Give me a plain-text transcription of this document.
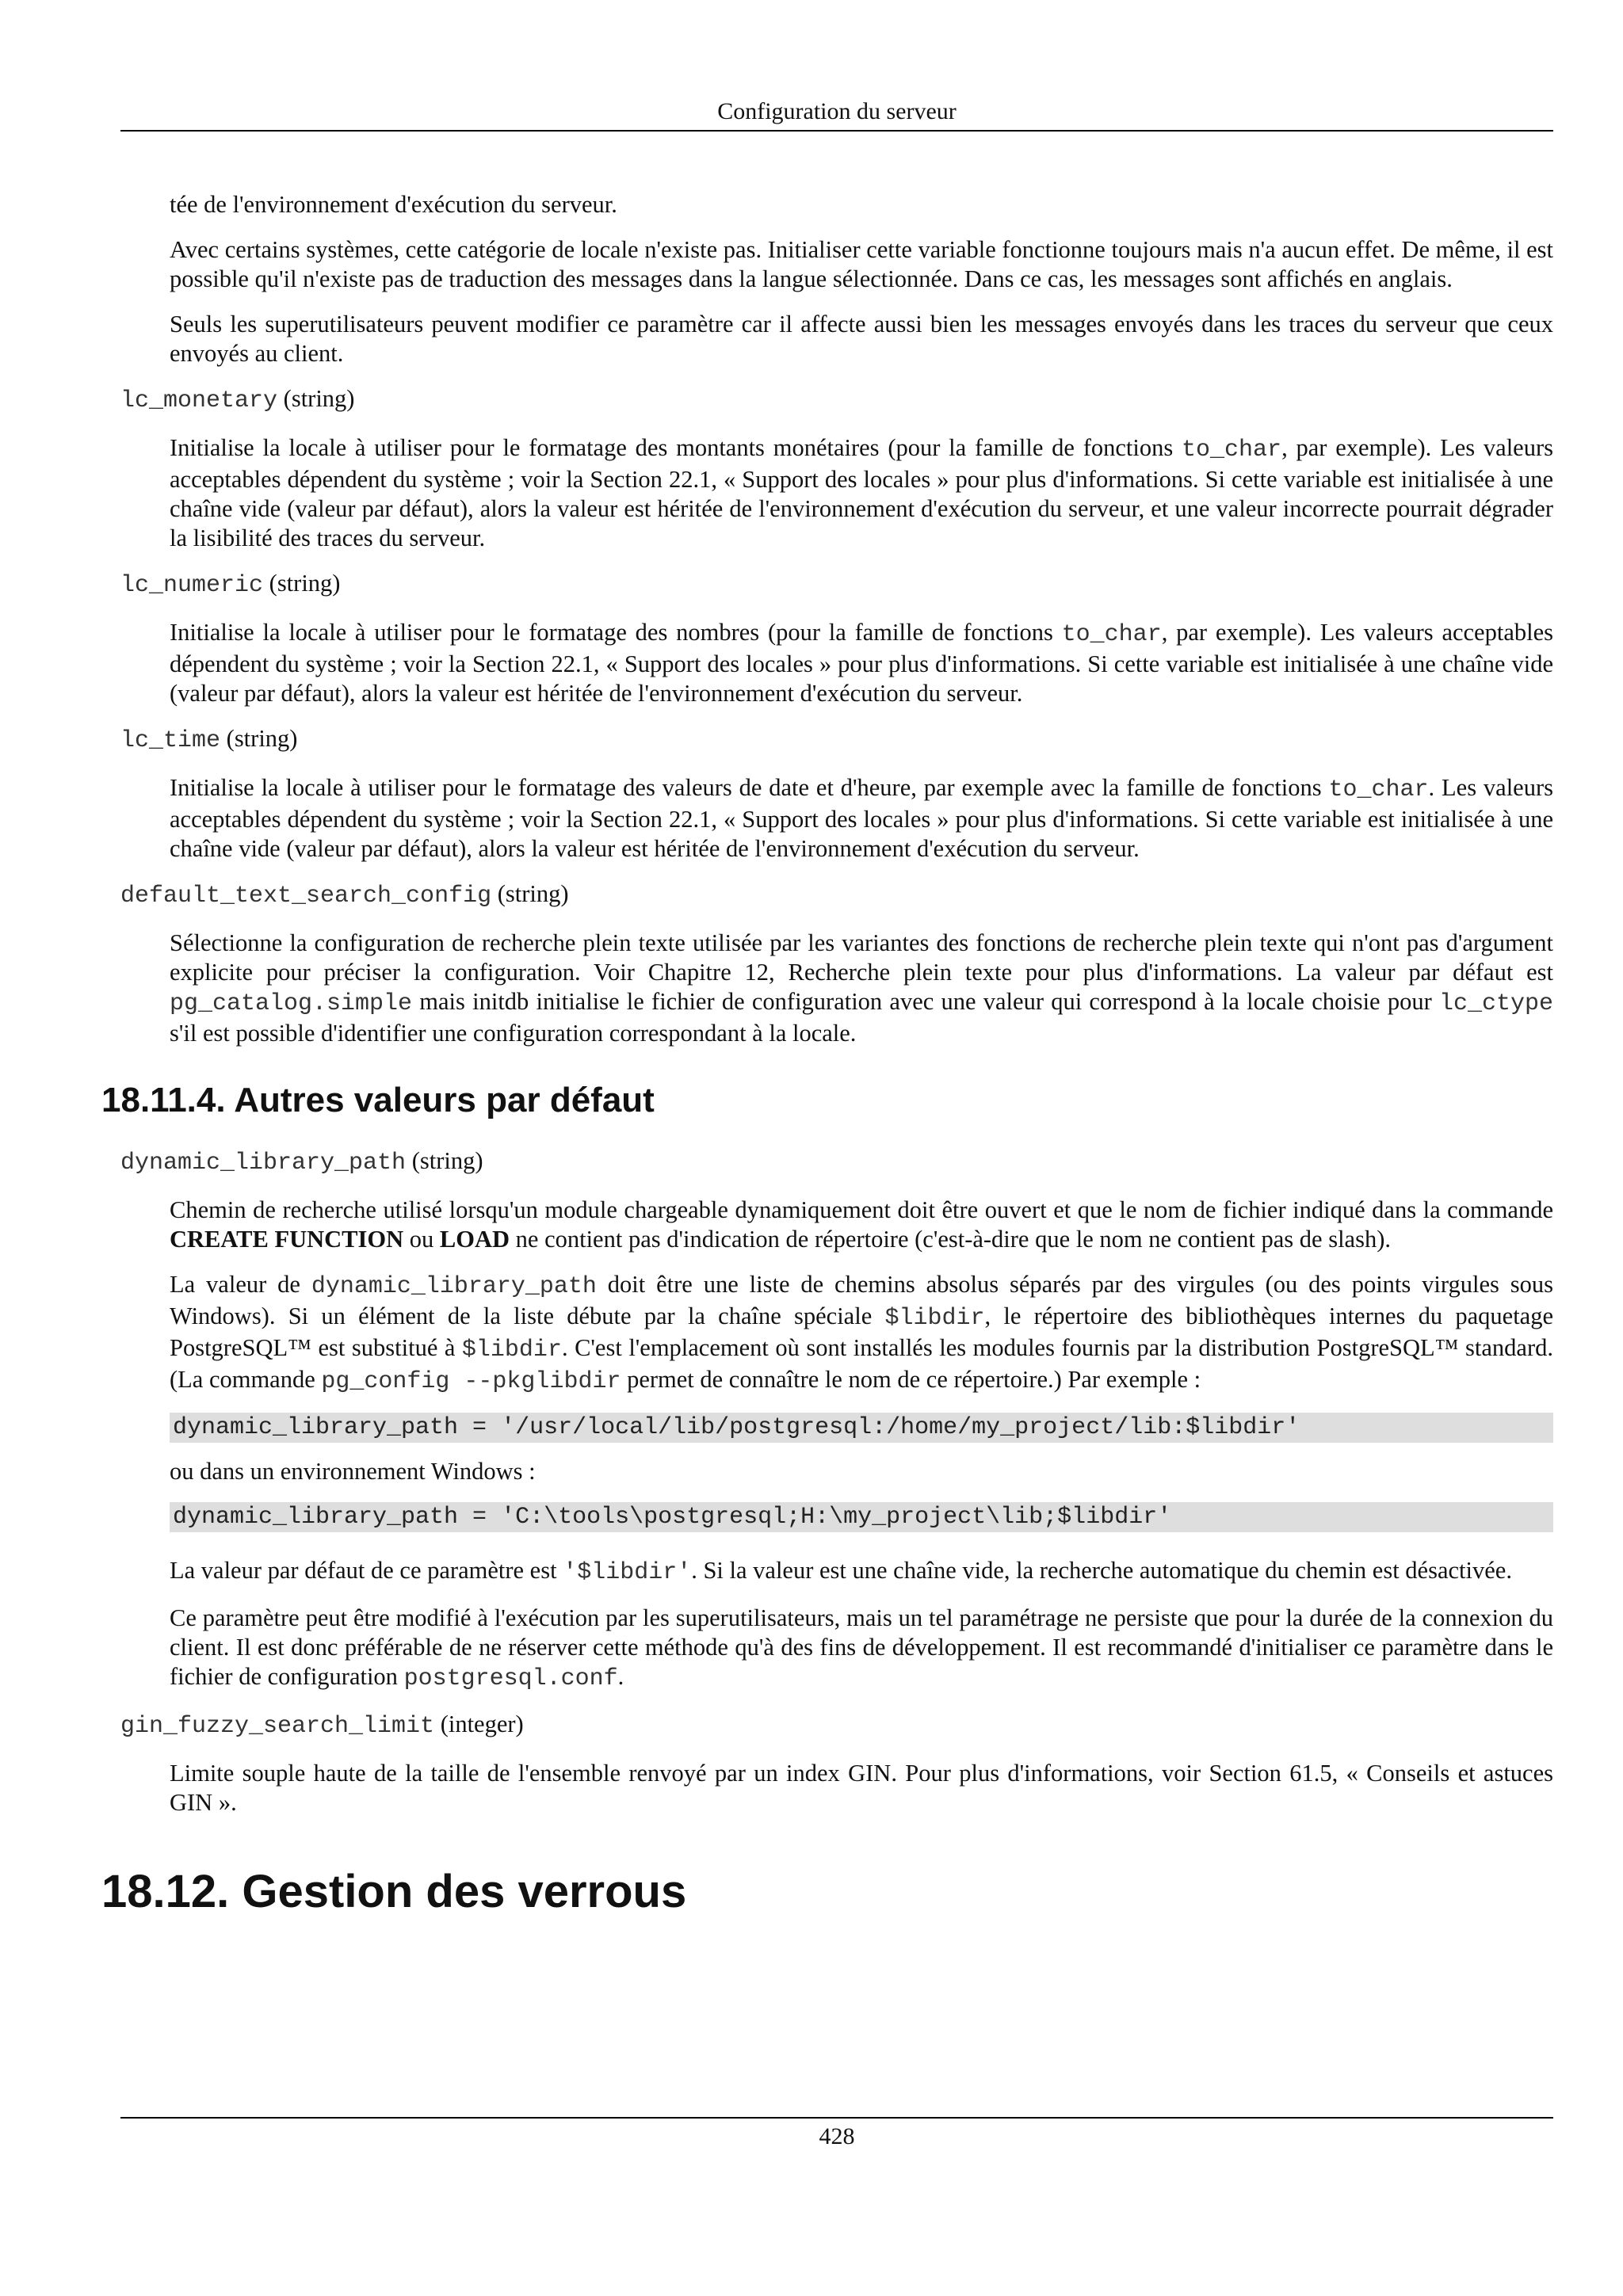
Configuration du serveur

tée de l'environnement d'exécution du serveur.

Avec certains systèmes, cette catégorie de locale n'existe pas. Initialiser cette variable fonctionne toujours mais n'a aucun effet. De même, il est possible qu'il n'existe pas de traduction des messages dans la langue sélectionnée. Dans ce cas, les messages sont affichés en anglais.

Seuls les superutilisateurs peuvent modifier ce paramètre car il affecte aussi bien les messages envoyés dans les traces du serveur que ceux envoyés au client.

lc_monetary (string)

Initialise la locale à utiliser pour le formatage des montants monétaires (pour la famille de fonctions to_char, par exemple). Les valeurs acceptables dépendent du système ; voir la Section 22.1, « Support des locales » pour plus d'informations. Si cette variable est initialisée à une chaîne vide (valeur par défaut), alors la valeur est héritée de l'environnement d'exécution du serveur, et une valeur incorrecte pourrait dégrader la lisibilité des traces du serveur.

lc_numeric (string)

Initialise la locale à utiliser pour le formatage des nombres (pour la famille de fonctions to_char, par exemple). Les valeurs acceptables dépendent du système ; voir la Section 22.1, « Support des locales » pour plus d'informations. Si cette variable est initialisée à une chaîne vide (valeur par défaut), alors la valeur est héritée de l'environnement d'exécution du serveur.

lc_time (string)

Initialise la locale à utiliser pour le formatage des valeurs de date et d'heure, par exemple avec la famille de fonctions to_char. Les valeurs acceptables dépendent du système ; voir la Section 22.1, « Support des locales » pour plus d'informations. Si cette variable est initialisée à une chaîne vide (valeur par défaut), alors la valeur est héritée de l'environnement d'exécution du serveur.

default_text_search_config (string)

Sélectionne la configuration de recherche plein texte utilisée par les variantes des fonctions de recherche plein texte qui n'ont pas d'argument explicite pour préciser la configuration. Voir Chapitre 12, Recherche plein texte pour plus d'informations. La valeur par défaut est pg_catalog.simple mais initdb initialise le fichier de configuration avec une valeur qui correspond à la locale choisie pour lc_ctype s'il est possible d'identifier une configuration correspondant à la locale.

18.11.4. Autres valeurs par défaut
dynamic_library_path (string)

Chemin de recherche utilisé lorsqu'un module chargeable dynamiquement doit être ouvert et que le nom de fichier indiqué dans la commande CREATE FUNCTION ou LOAD ne contient pas d'indication de répertoire (c'est-à-dire que le nom ne contient pas de slash).

La valeur de dynamic_library_path doit être une liste de chemins absolus séparés par des virgules (ou des points virgules sous Windows). Si un élément de la liste débute par la chaîne spéciale $libdir, le répertoire des bibliothèques internes du paquetage PostgreSQL™ est substitué à $libdir. C'est l'emplacement où sont installés les modules fournis par la distribution PostgreSQL™ standard. (La commande pg_config --pkglibdir permet de connaître le nom de ce répertoire.) Par exemple :

dynamic_library_path = '/usr/local/lib/postgresql:/home/my_project/lib:$libdir'

ou dans un environnement Windows :

dynamic_library_path = 'C:\tools\postgresql;H:\my_project\lib;$libdir'

La valeur par défaut de ce paramètre est '$libdir'. Si la valeur est une chaîne vide, la recherche automatique du chemin est désactivée.

Ce paramètre peut être modifié à l'exécution par les superutilisateurs, mais un tel paramétrage ne persiste que pour la durée de la connexion du client. Il est donc préférable de ne réserver cette méthode qu'à des fins de développement. Il est recommandé d'initialiser ce paramètre dans le fichier de configuration postgresql.conf.

gin_fuzzy_search_limit (integer)

Limite souple haute de la taille de l'ensemble renvoyé par un index GIN. Pour plus d'informations, voir Section 61.5, « Conseils et astuces GIN ».

18.12. Gestion des verrous
428
